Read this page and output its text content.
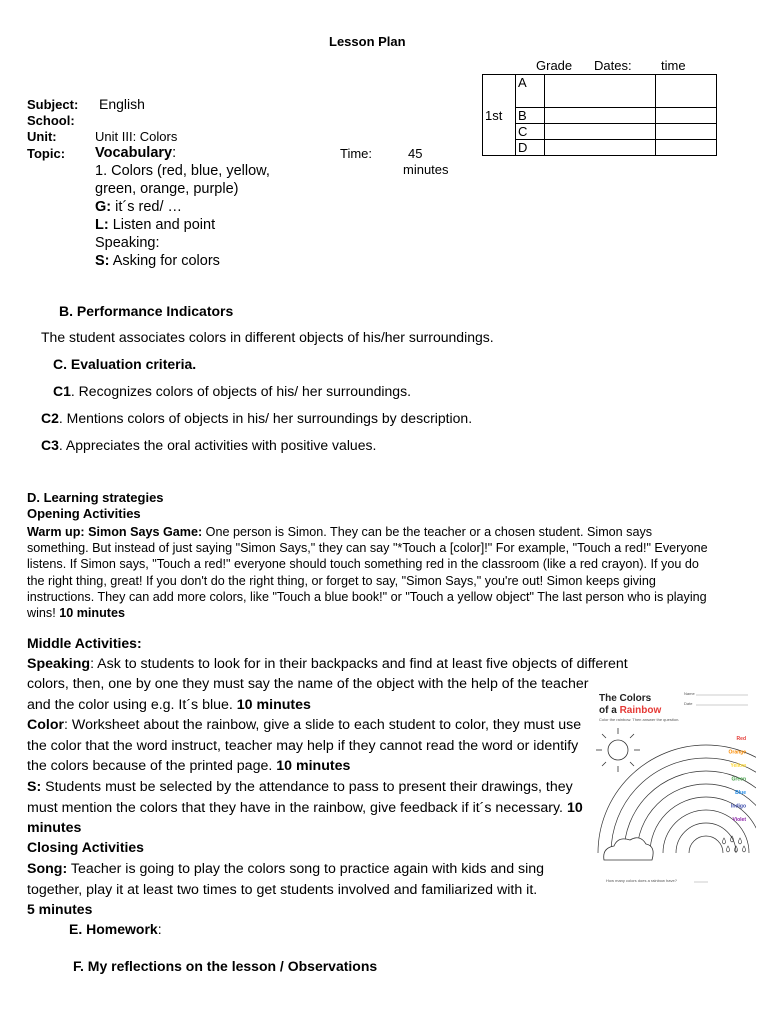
Lesson Plan
Grade Dates: time
1st	A		
	B		
	C		
	D		
Subject: English
School:
Unit:	Unit III: Colors
Topic: Vocabulary:
1. Colors (red, blue, yellow,
green, orange, purple)
G: it´s red/ …
L: Listen and point
Speaking:
S: Asking for colors
Time:	45
minutes
B. Performance Indicators
The student associates colors in different objects of his/her surroundings.
C. Evaluation criteria.
C1. Recognizes colors of objects of his/ her surroundings.
C2. Mentions colors of objects in his/ her surroundings by description.
C3. Appreciates the oral activities with positive values.
D. Learning strategies
Opening Activities
Warm up: Simon Says Game: One person is Simon. They can be the teacher or a chosen student. Simon says something. But instead of just saying "Simon Says," they can say "*Touch a [color]!" For example, "Touch a red!" Everyone listens. If Simon says, "Touch a red!" everyone should touch something red in the classroom (like a red crayon). If you do the right thing, great! If you don't do the right thing, or forget to say, "Simon Says," you're out! Simon keeps giving instructions. They can add more colors, like "Touch a blue book!" or "Touch a yellow object" The last person who is playing wins! 10 minutes
Middle Activities:
Speaking: Ask to students to look for in their backpacks and find at least five objects of different
colors, then, one by one they must say the name of the object with the help of the teacher and the color using e.g. It´s blue. 10 minutes
Color: Worksheet about the rainbow, give a slide to each student to color, they must use the color that the word instruct, teacher may help if they cannot read the word or identify the colors because of the printed page. 10 minutes
S: Students must be selected by the attendance to pass to present their drawings, they must mention the colors that they have in the rainbow, give feedback if it´s necessary. 10 minutes
Closing Activities
Song: Teacher is going to play the colors song to practice again with kids and sing together, play it at least two times to get students involved and familiarized with it.
5 minutes
E. Homework:
F. My reflections on the lesson / Observations
The Colors
of a Rainbow
Name
Date
Color the rainbow. Then answer the question.
Red
Orange
Yellow
Green
Blue
Indigo
Violet
How many colors does a rainbow have?
